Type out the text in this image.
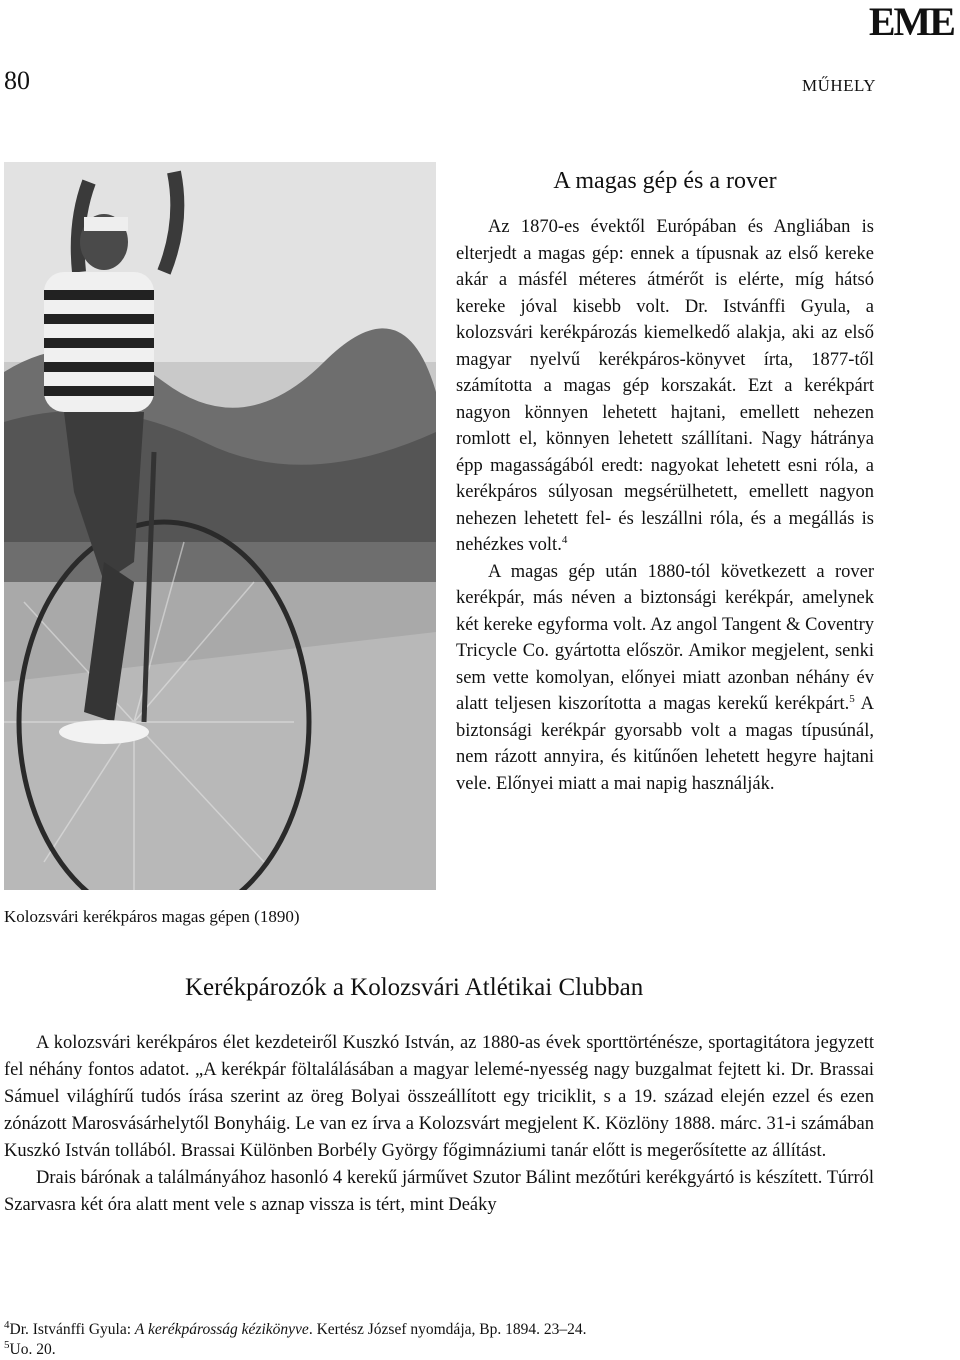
EME
80	MŰHELY
Kolozsvári kerékpáros magas gépen (1890)
A magas gép és a rover

Az 1870-es évektől Európában és Angliában is elterjedt a magas gép: ennek a típusnak az első kereke akár a másfél méteres átmérőt is elérte, míg hátsó kereke jóval kisebb volt. Dr. Istvánffi Gyula, a kolozsvári kerékpározás kiemelkedő alakja, aki az első magyar nyelvű kerékpáros-könyvet írta, 1877-től számította a magas gép korszakát. Ezt a kerékpárt nagyon könnyen lehetett hajtani, emellett nehezen romlott el, könnyen lehetett szállítani. Nagy hátránya épp magasságából eredt: nagyokat lehetett esni róla, a kerékpáros súlyosan megsérülhetett, emellett nagyon nehezen lehetett fel- és leszállni róla, és a megállás is nehézkes volt.$^4$

A magas gép után 1880-tól következett a rover kerékpár, más néven a biztonsági kerékpár, amelynek két kereke egyforma volt. Az angol Tangent & Coventry Tricycle Co. gyártotta először. Amikor megjelent, senki sem vette komolyan, előnyei miatt azonban néhány év alatt teljesen kiszorította a magas kerekű kerékpárt.$^5$ A biztonsági kerékpár gyorsabb volt a magas típusúnál, nem rázott annyira, és kitűnően lehetett hegyre hajtani vele. Előnyei miatt a mai napig használják.

Kerékpározók a Kolozsvári Atlétikai Clubban

A kolozsvári kerékpáros élet kezdeteiről Kuszkó István, az 1880-as évek sporttörténésze, sportagitátora jegyzett fel néhány fontos adatot. „A kerékpár föltalálásában a magyar lelemé-nyesség nagy buzgalmat fejtett ki. Dr. Brassai Sámuel világhírű tudós írása szerint az öreg Bolyai összeállított egy triciklit, s a 19. század elején ezzel és ezen zónázott Marosvásárhelytől Bonyháig. Le van ez írva a Kolozsvárt megjelent K. Közlöny 1888. márc. 31-i számában Kuszkó István tollából. Brassai Különben Borbély György főgimnáziumi tanár előtt is megerősítette az állítást.

Drais bárónak a találmányához hasonló 4 kerekű járművet Szutor Bálint mezőtúri kerékgyártó is készített. Túrról Szarvasra két óra alatt ment vele s aznap vissza is tért, mint Deáky

$^4$Dr. Istvánffi Gyula: A kerékpárosság kézikönyve. Kertész József nyomdája, Bp. 1894. 23–24.

$^5$Uo. 20.
